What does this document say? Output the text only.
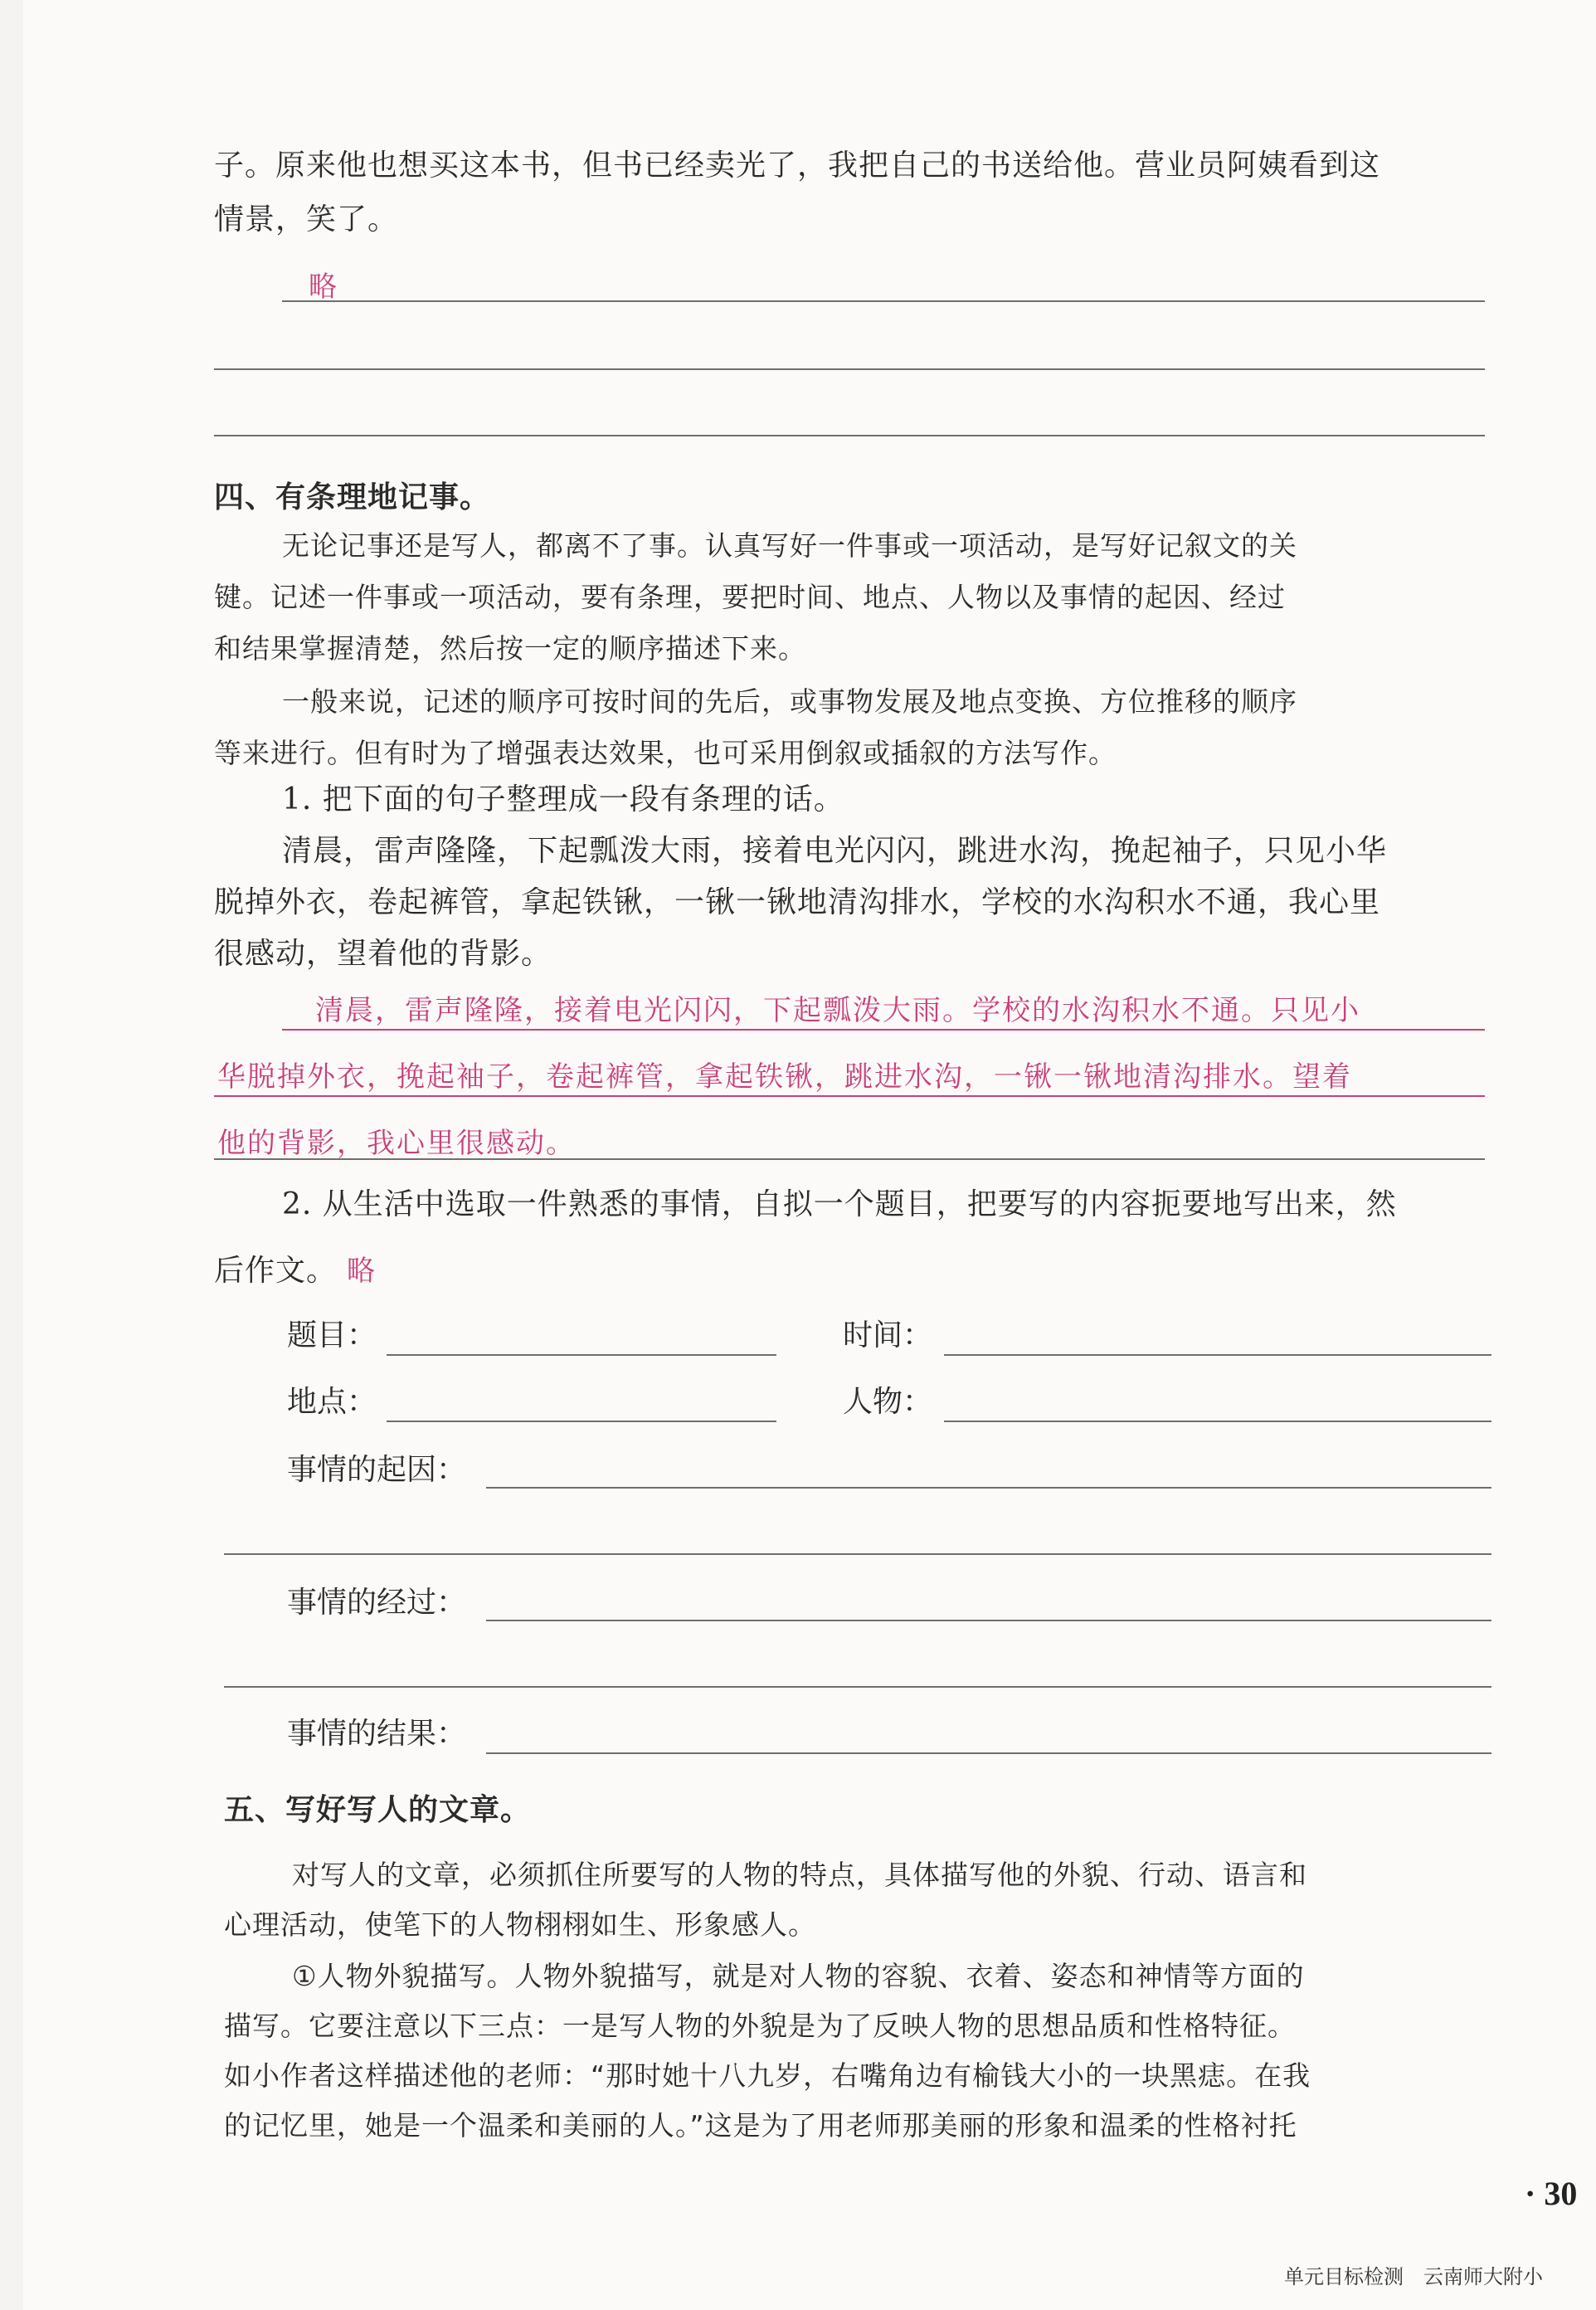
子。原来他也想买这本书，但书已经卖光了，我把自己的书送给他。营业员阿姨看到这
情景，笑了。
略
四、有条理地记事。
无论记事还是写人，都离不了事。认真写好一件事或一项活动，是写好记叙文的关
键。记述一件事或一项活动，要有条理，要把时间、地点、人物以及事情的起因、经过
和结果掌握清楚，然后按一定的顺序描述下来。
一般来说，记述的顺序可按时间的先后，或事物发展及地点变换、方位推移的顺序
等来进行。但有时为了增强表达效果，也可采用倒叙或插叙的方法写作。
1. 把下面的句子整理成一段有条理的话。
清晨，雷声隆隆，下起瓢泼大雨，接着电光闪闪，跳进水沟，挽起袖子，只见小华
脱掉外衣，卷起裤管，拿起铁锹，一锹一锹地清沟排水，学校的水沟积水不通，我心里
很感动，望着他的背影。
清晨，雷声隆隆，接着电光闪闪，下起瓢泼大雨。学校的水沟积水不通。只见小
华脱掉外衣，挽起袖子，卷起裤管，拿起铁锹，跳进水沟，一锹一锹地清沟排水。望着
他的背影，我心里很感动。
2. 从生活中选取一件熟悉的事情，自拟一个题目，把要写的内容扼要地写出来，然
后作文。 略
题目：	时间：
地点：	人物：
事情的起因：
事情的经过：
事情的结果：
五、写好写人的文章。
对写人的文章，必须抓住所要写的人物的特点，具体描写他的外貌、行动、语言和
心理活动，使笔下的人物栩栩如生、形象感人。
①人物外貌描写。人物外貌描写，就是对人物的容貌、衣着、姿态和神情等方面的
描写。它要注意以下三点：一是写人物的外貌是为了反映人物的思想品质和性格特征。
如小作者这样描述他的老师：“那时她十八九岁，右嘴角边有榆钱大小的一块黑痣。在我
的记忆里，她是一个温柔和美丽的人。”这是为了用老师那美丽的形象和温柔的性格衬托
· 30
单元目标检测　云南师大附小
